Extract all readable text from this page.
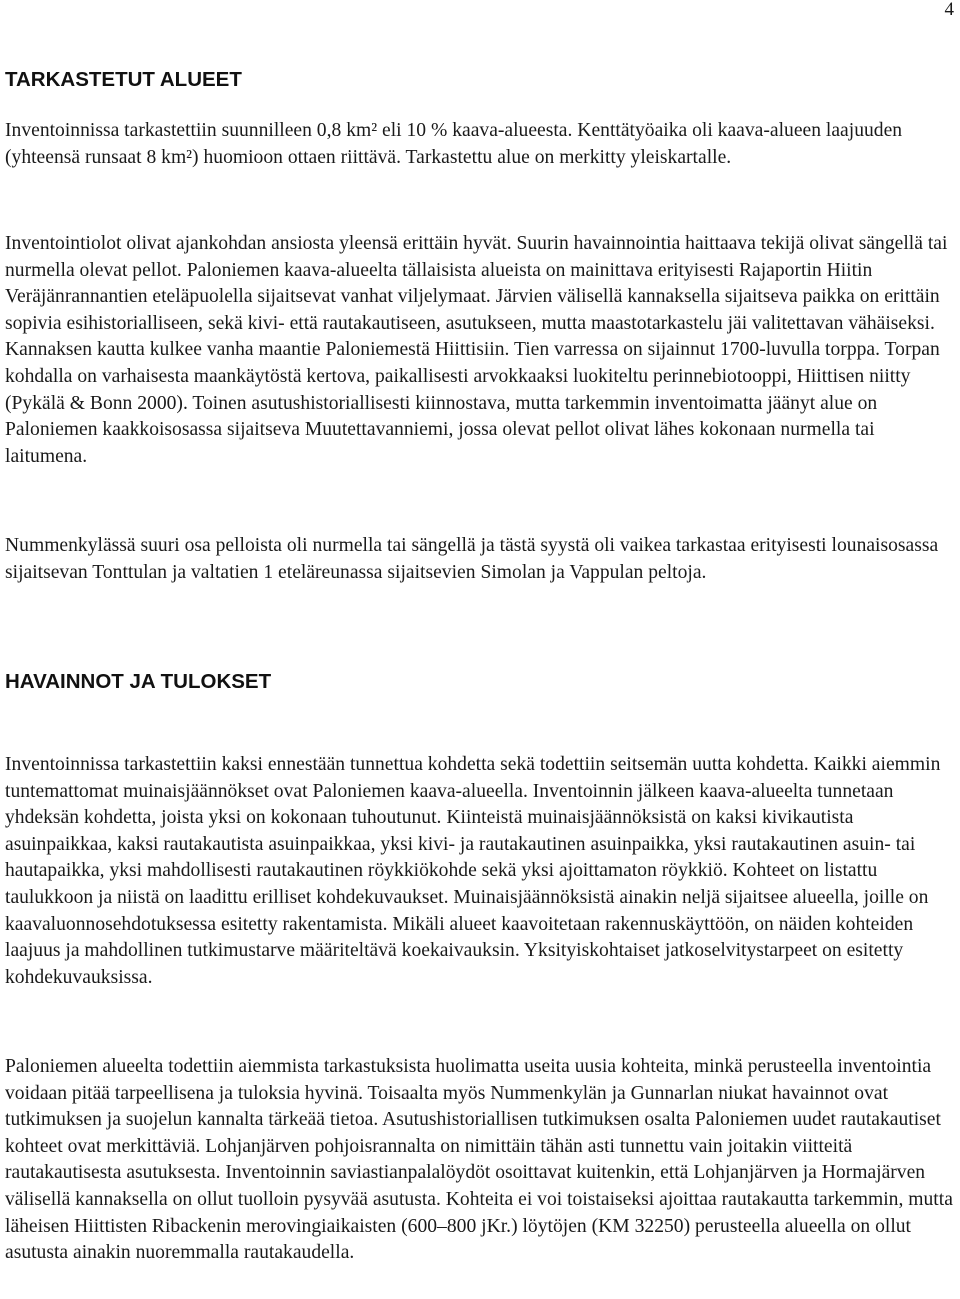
4
TARKASTETUT ALUEET

Inventoinnissa tarkastettiin suunnilleen 0,8 km² eli 10 % kaava-alueesta. Kenttätyöaika oli kaava-alueen laajuuden (yhteensä runsaat 8 km²) huomioon ottaen riittävä. Tarkastettu alue on merkitty yleiskartalle.

Inventointiolot olivat ajankohdan ansiosta yleensä erittäin hyvät. Suurin havainnointia haittaava tekijä olivat sängellä tai nurmella olevat pellot. Paloniemen kaava-alueelta tällaisista alueista on mainittava erityisesti Rajaportin Hiitin Veräjänrannantien eteläpuolella sijaitsevat vanhat viljelymaat. Järvien välisellä kannaksella sijaitseva paikka on erittäin sopivia esihistorialliseen, sekä kivi- että rautakautiseen, asutukseen, mutta maastotarkastelu jäi valitettavan vähäiseksi. Kannaksen kautta kulkee vanha maantie Paloniemestä Hiittisiin. Tien varressa on sijainnut 1700-luvulla torppa. Torpan kohdalla on varhaisesta maankäytöstä kertova, paikallisesti arvokkaaksi luokiteltu perinnebiotooppi, Hiittisen niitty (Pykälä & Bonn 2000). Toinen asutushistoriallisesti kiinnostava, mutta tarkemmin inventoimatta jäänyt alue on Paloniemen kaakkoisosassa sijaitseva Muutettavanniemi, jossa olevat pellot olivat lähes kokonaan nurmella tai laitumena.

Nummenkylässä suuri osa pelloista oli nurmella tai sängellä ja tästä syystä oli vaikea tarkastaa erityisesti lounaisosassa sijaitsevan Tonttulan ja valtatien 1 eteläreunassa sijaitsevien Simolan ja Vappulan peltoja.

HAVAINNOT JA TULOKSET

Inventoinnissa tarkastettiin kaksi ennestään tunnettua kohdetta sekä todettiin seitsemän uutta kohdetta. Kaikki aiemmin tuntemattomat muinaisjäännökset ovat Paloniemen kaava-alueella. Inventoinnin jälkeen kaava-alueelta tunnetaan yhdeksän kohdetta, joista yksi on kokonaan tuhoutunut. Kiinteistä muinaisjäännöksistä on kaksi kivikautista asuinpaikkaa, kaksi rautakautista asuinpaikkaa, yksi kivi- ja rautakautinen asuinpaikka, yksi rautakautinen asuin- tai hautapaikka, yksi mahdollisesti rautakautinen röykkiökohde sekä yksi ajoittamaton röykkiö. Kohteet on listattu taulukkoon ja niistä on laadittu erilliset kohdekuvaukset. Muinaisjäännöksistä ainakin neljä sijaitsee alueella, joille on kaavaluonnosehdotuksessa esitetty rakentamista. Mikäli alueet kaavoitetaan rakennuskäyttöön, on näiden kohteiden laajuus ja mahdollinen tutkimustarve määriteltävä koekaivauksin. Yksityiskohtaiset jatkoselvitystarpeet on esitetty kohdekuvauksissa.

Paloniemen alueelta todettiin aiemmista tarkastuksista huolimatta useita uusia kohteita, minkä perusteella inventointia voidaan pitää tarpeellisena ja tuloksia hyvinä. Toisaalta myös Nummenkylän ja Gunnarlan niukat havainnot ovat tutkimuksen ja suojelun kannalta tärkeää tietoa. Asutushistoriallisen tutkimuksen osalta Paloniemen uudet rautakautiset kohteet ovat merkittäviä. Lohjanjärven pohjoisrannalta on nimittäin tähän asti tunnettu vain joitakin viitteitä rautakautisesta asutuksesta. Inventoinnin saviastianpalalöydöt osoittavat kuitenkin, että Lohjanjärven ja Hormajärven välisellä kannaksella on ollut tuolloin pysyvää asutusta. Kohteita ei voi toistaiseksi ajoittaa rautakautta tarkemmin, mutta läheisen Hiittisten Ribackenin merovingiaikaisten (600–800 jKr.) löytöjen (KM 32250) perusteella alueella on ollut asutusta ainakin nuoremmalla rautakaudella.
